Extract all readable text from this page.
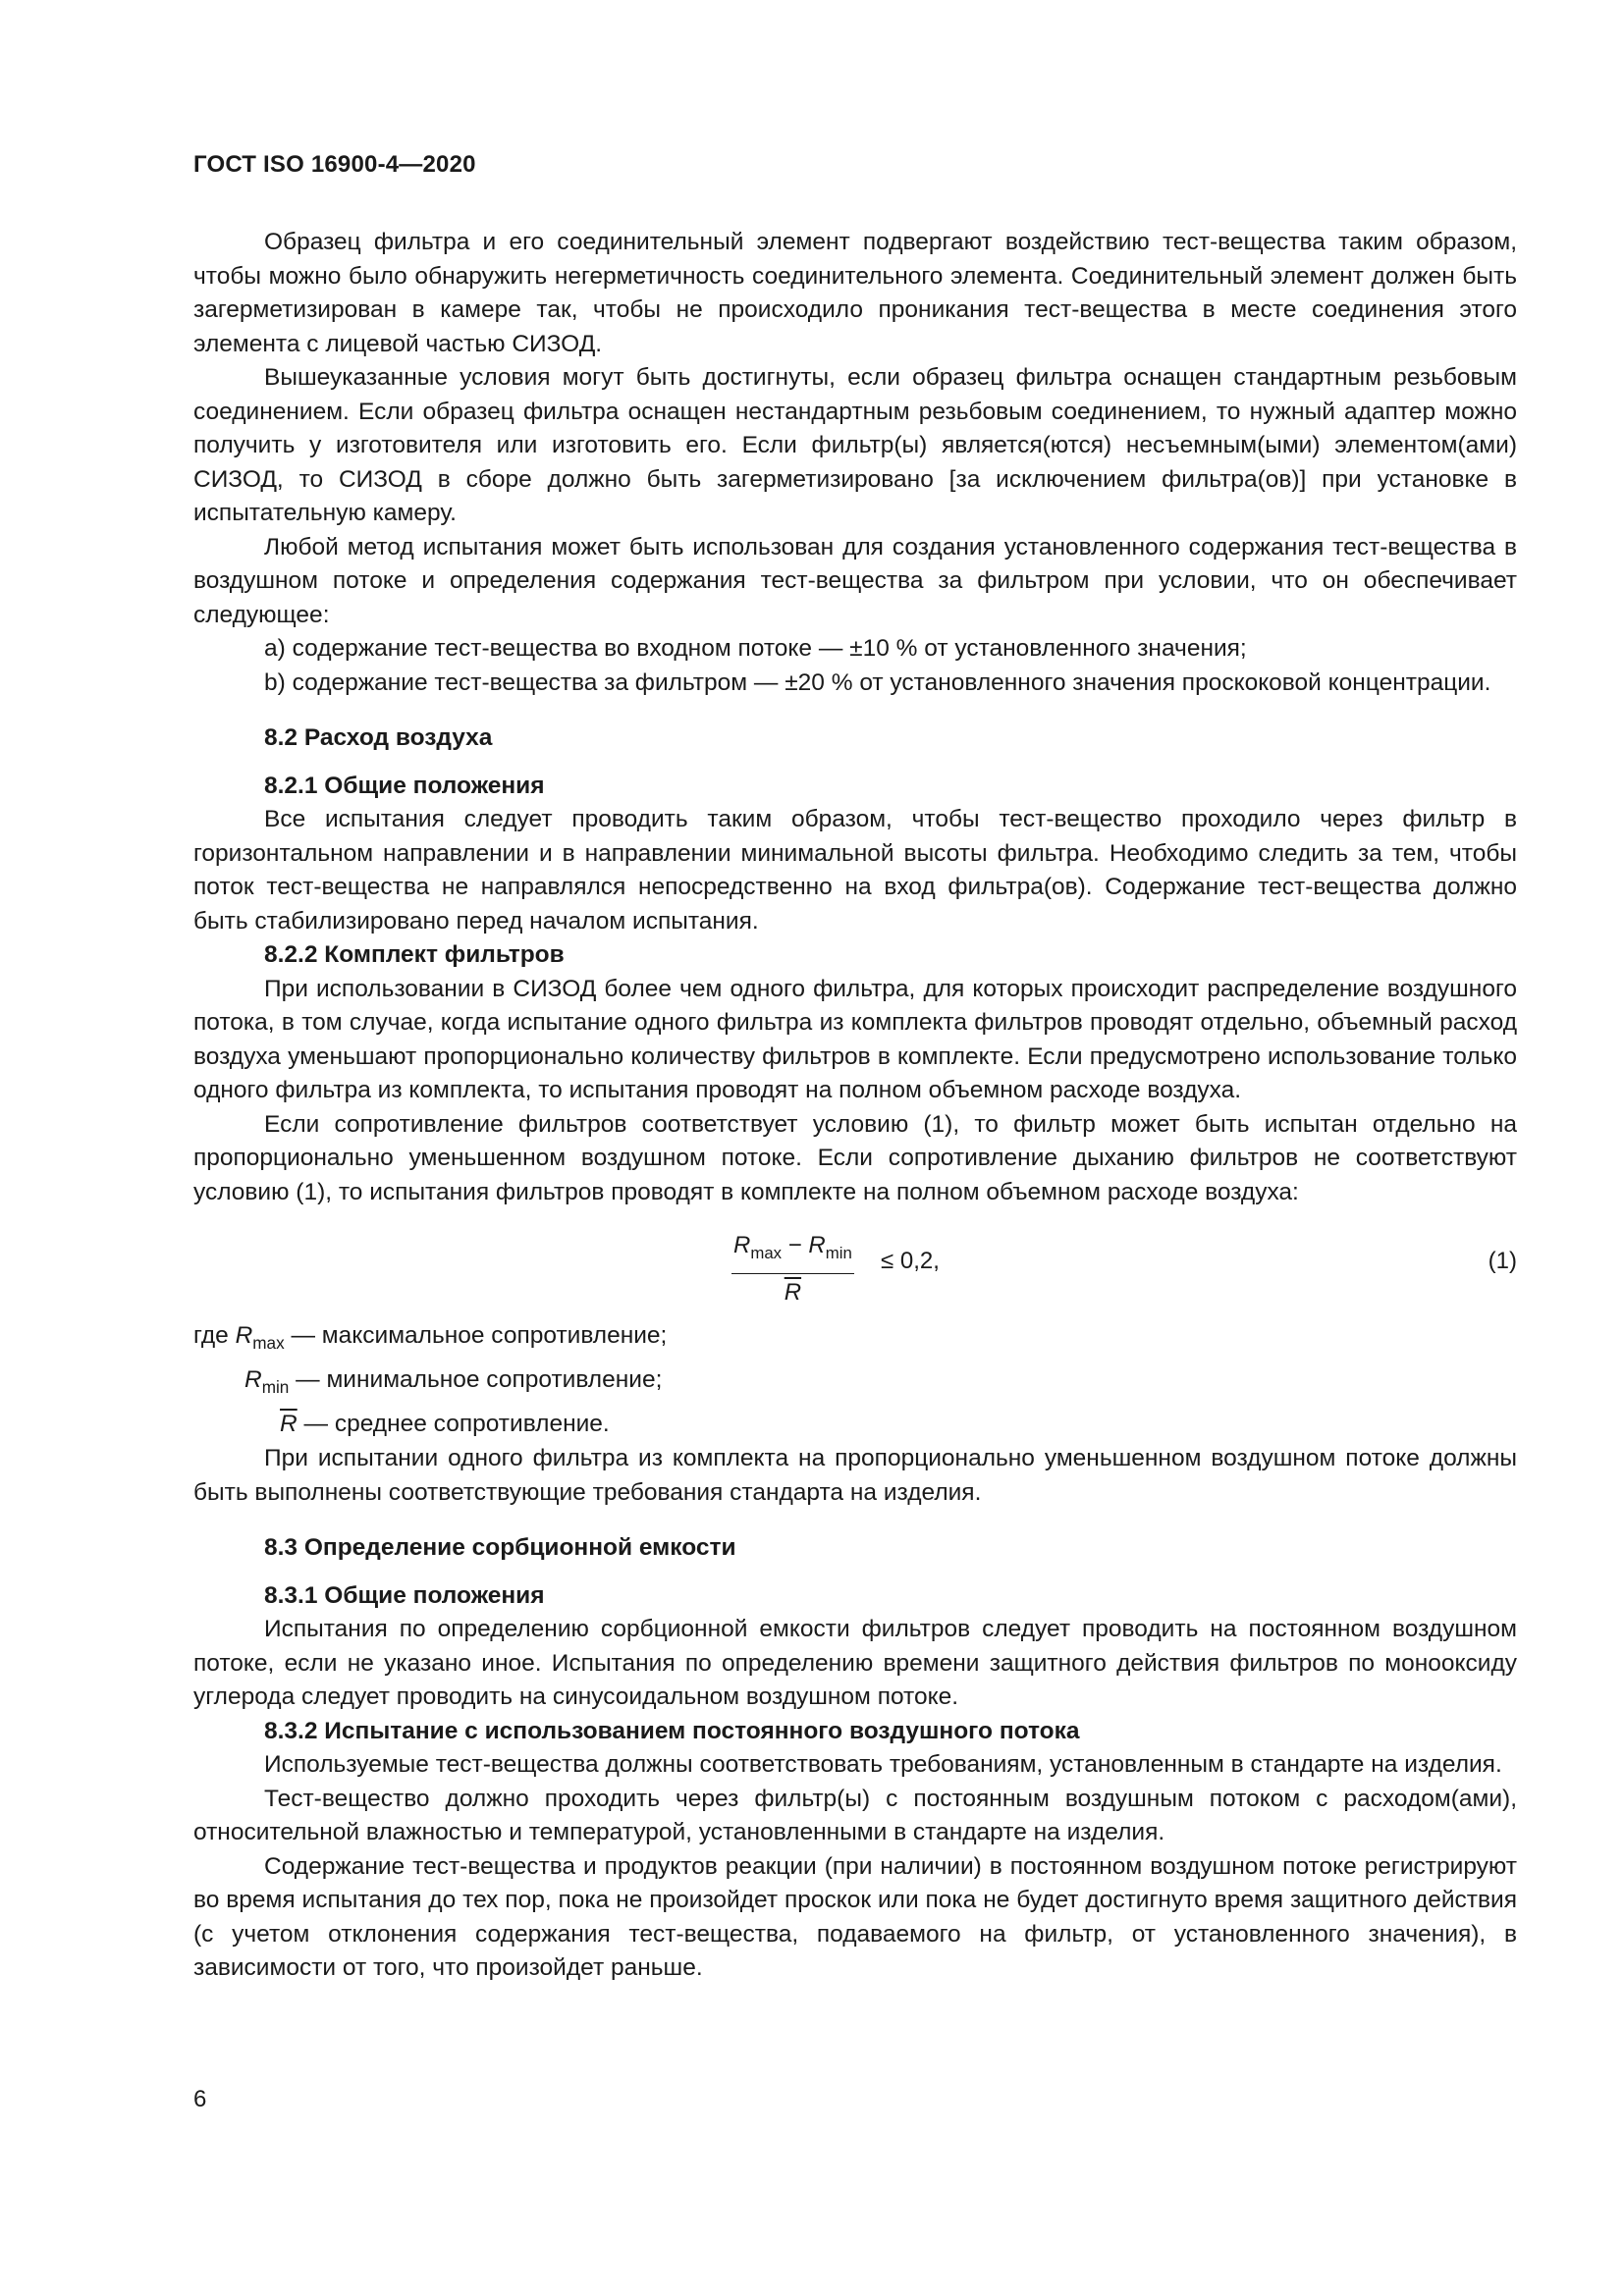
ГОСТ ISO 16900-4—2020

Образец фильтра и его соединительный элемент подвергают воздействию тест-вещества таким образом, чтобы можно было обнаружить негерметичность соединительного элемента. Соединительный элемент должен быть загерметизирован в камере так, чтобы не происходило проникания тест-вещества в месте соединения этого элемента с лицевой частью СИЗОД.

Вышеуказанные условия могут быть достигнуты, если образец фильтра оснащен стандартным резьбовым соединением. Если образец фильтра оснащен нестандартным резьбовым соединением, то нужный адаптер можно получить у изготовителя или изготовить его. Если фильтр(ы) является(ются) несъемным(ыми) элементом(ами) СИЗОД, то СИЗОД в сборе должно быть загерметизировано [за исключением фильтра(ов)] при установке в испытательную камеру.

Любой метод испытания может быть использован для создания установленного содержания тест-вещества в воздушном потоке и определения содержания тест-вещества за фильтром при условии, что он обеспечивает следующее:

a) содержание тест-вещества во входном потоке — ±10 % от установленного значения;

b) содержание тест-вещества за фильтром — ±20 % от установленного значения проскоковой концентрации.

8.2 Расход воздуха
8.2.1 Общие положения

Все испытания следует проводить таким образом, чтобы тест-вещество проходило через фильтр в горизонтальном направлении и в направлении минимальной высоты фильтра. Необходимо следить за тем, чтобы поток тест-вещества не направлялся непосредственно на вход фильтра(ов). Содержание тест-вещества должно быть стабилизировано перед началом испытания.

8.2.2 Комплект фильтров

При использовании в СИЗОД более чем одного фильтра, для которых происходит распределение воздушного потока, в том случае, когда испытание одного фильтра из комплекта фильтров проводят отдельно, объемный расход воздуха уменьшают пропорционально количеству фильтров в комплекте. Если предусмотрено использование только одного фильтра из комплекта, то испытания проводят на полном объемном расходе воздуха.

Если сопротивление фильтров соответствует условию (1), то фильтр может быть испытан отдельно на пропорционально уменьшенном воздушном потоке. Если сопротивление дыханию фильтров не соответствуют условию (1), то испытания фильтров проводят в комплекте на полном объемном расходе воздуха:

$R_{max} - R_{min}$
$\overline{R}$
≤ 0,2,	(1)
где $R_{max}$ — максимальное сопротивление;
$R_{min}$ — минимальное сопротивление;
$\overline{R}$ — среднее сопротивление.

При испытании одного фильтра из комплекта на пропорционально уменьшенном воздушном потоке должны быть выполнены соответствующие требования стандарта на изделия.

8.3 Определение сорбционной емкости
8.3.1 Общие положения

Испытания по определению сорбционной емкости фильтров следует проводить на постоянном воздушном потоке, если не указано иное. Испытания по определению времени защитного действия фильтров по монооксиду углерода следует проводить на синусоидальном воздушном потоке.

8.3.2 Испытание с использованием постоянного воздушного потока

Используемые тест-вещества должны соответствовать требованиям, установленным в стандарте на изделия.

Тест-вещество должно проходить через фильтр(ы) с постоянным воздушным потоком с расходом(ами), относительной влажностью и температурой, установленными в стандарте на изделия.

Содержание тест-вещества и продуктов реакции (при наличии) в постоянном воздушном потоке регистрируют во время испытания до тех пор, пока не произойдет проскок или пока не будет достигнуто время защитного действия (с учетом отклонения содержания тест-вещества, подаваемого на фильтр, от установленного значения), в зависимости от того, что произойдет раньше.

6
